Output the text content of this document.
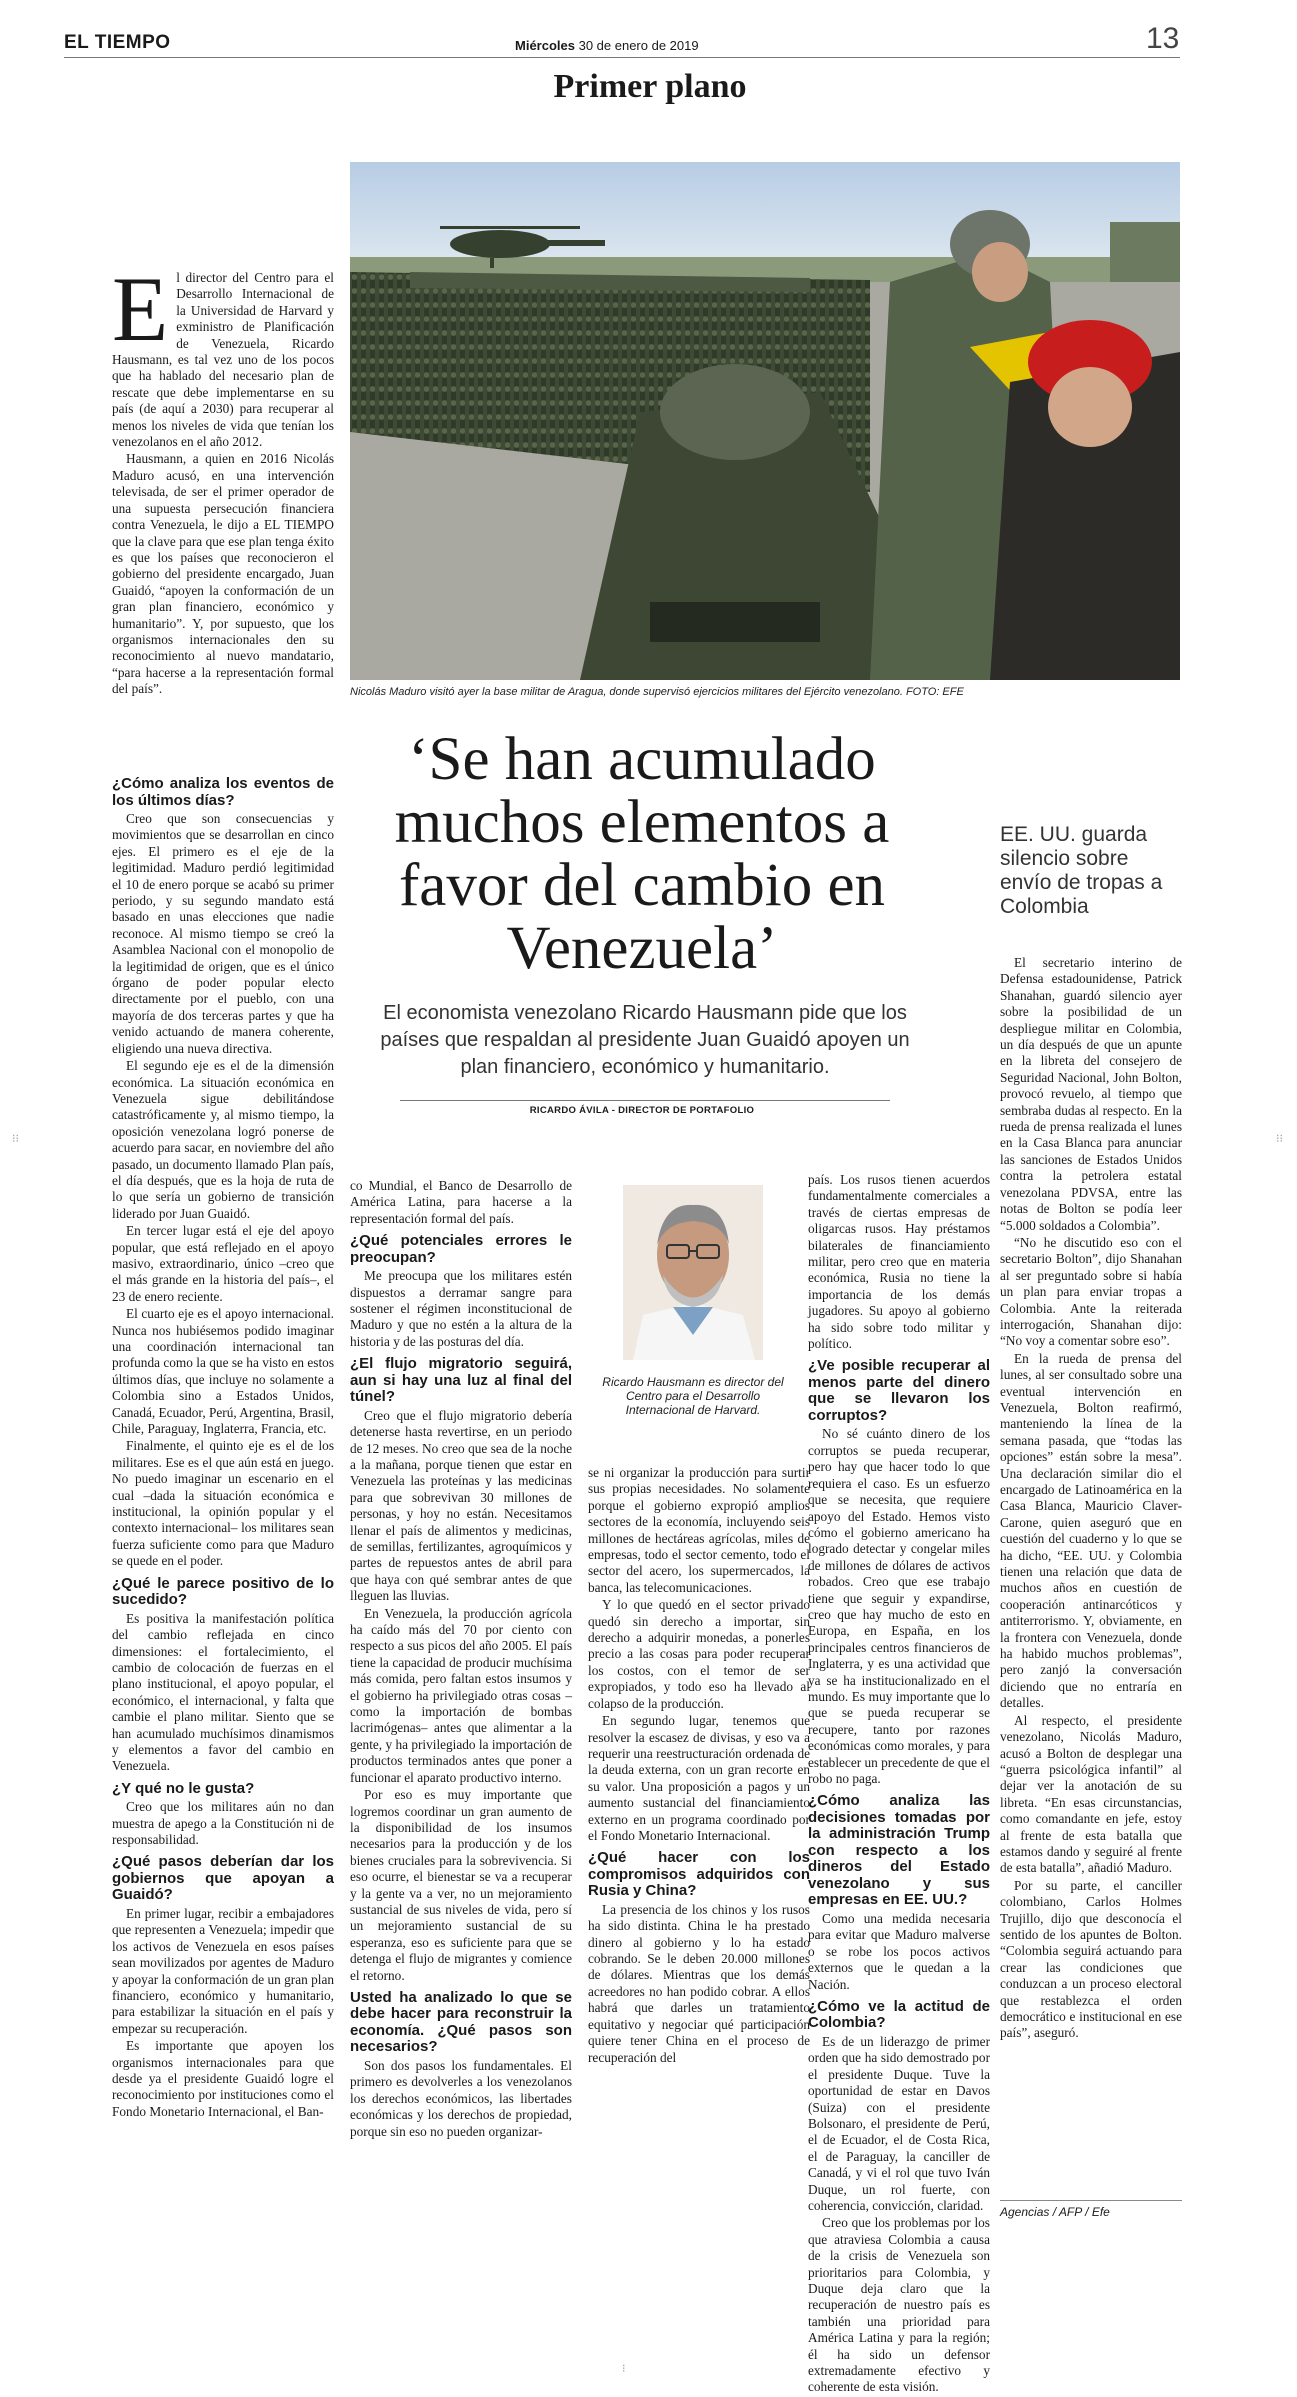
EL TIEMPO	Miércoles 30 de enero de 2019	13
Primer plano
Nicolás Maduro visitó ayer la base militar de Aragua, donde supervisó ejercicios militares del Ejército venezolano. FOTO: EFE
‘Se han acumulado muchos elementos a favor del cambio en Venezuela’
El economista venezolano Ricardo Hausmann pide que los países que respaldan al presidente Juan Guaidó apoyen un plan financiero, económico y humanitario.
RICARDO ÁVILA - DIRECTOR DE PORTAFOLIO
E l director del Centro para el Desarrollo Internacional de la Universidad de Harvard y exministro de Planificación de Venezuela, Ricardo Hausmann, es tal vez uno de los pocos que ha hablado del necesario plan de rescate que debe implementarse en su país (de aquí a 2030) para recuperar al menos los niveles de vida que tenían los venezolanos en el año 2012.

Hausmann, a quien en 2016 Nicolás Maduro acusó, en una intervención televisada, de ser el primer operador de una supuesta persecución financiera contra Venezuela, le dijo a EL TIEMPO que la clave para que ese plan tenga éxito es que los países que reconocieron el gobierno del presidente encargado, Juan Guaidó, “apoyen la conformación de un gran plan financiero, económico y humanitario”. Y, por supuesto, que los organismos internacionales den su reconocimiento al nuevo mandatario, “para hacerse a la representación formal del país”.

¿Cómo analiza los eventos de los últimos días?

Creo que son consecuencias y movimientos que se desarrollan en cinco ejes. El primero es el eje de la legitimidad. Maduro perdió legitimidad el 10 de enero porque se acabó su primer periodo, y su segundo mandato está basado en unas elecciones que nadie reconoce. Al mismo tiempo se creó la Asamblea Nacional con el monopolio de la legitimidad de origen, que es el único órgano de poder popular electo directamente por el pueblo, con una mayoría de dos terceras partes y que ha venido actuando de manera coherente, eligiendo una nueva directiva.

El segundo eje es el de la dimensión económica. La situación económica en Venezuela sigue debilitándose catastróficamente y, al mismo tiempo, la oposición venezolana logró ponerse de acuerdo para sacar, en noviembre del año pasado, un documento llamado Plan país, el día después, que es la hoja de ruta de lo que sería un gobierno de transición liderado por Juan Guaidó.

En tercer lugar está el eje del apoyo popular, que está reflejado en el apoyo masivo, extraordinario, único –creo que el más grande en la historia del país–, el 23 de enero reciente.

El cuarto eje es el apoyo internacional. Nunca nos hubiésemos podido imaginar una coordinación internacional tan profunda como la que se ha visto en estos últimos días, que incluye no solamente a Colombia sino a Estados Unidos, Canadá, Ecuador, Perú, Argentina, Brasil, Chile, Paraguay, Inglaterra, Francia, etc.

Finalmente, el quinto eje es el de los militares. Ese es el que aún está en juego. No puedo imaginar un escenario en el cual –dada la situación económica e institucional, la opinión popular y el contexto internacional– los militares sean fuerza suficiente como para que Maduro se quede en el poder.

¿Qué le parece positivo de lo sucedido?

Es positiva la manifestación política del cambio reflejada en cinco dimensiones: el fortalecimiento, el cambio de colocación de fuerzas en el plano institucional, el apoyo popular, el económico, el internacional, y falta que cambie el plano militar. Siento que se han acumulado muchísimos dinamismos y elementos a favor del cambio en Venezuela.

¿Y qué no le gusta?

Creo que los militares aún no dan muestra de apego a la Constitución ni de responsabilidad.

¿Qué pasos deberían dar los gobiernos que apoyan a Guaidó?

En primer lugar, recibir a embajadores que representen a Venezuela; impedir que los activos de Venezuela en esos países sean movilizados por agentes de Maduro y apoyar la conformación de un gran plan financiero, económico y humanitario, para estabilizar la situación en el país y empezar su recuperación.

Es importante que apoyen los organismos internacionales para que desde ya el presidente Guaidó logre el reconocimiento por instituciones como el Fondo Monetario Internacional, el Ban-

co Mundial, el Banco de Desarrollo de América Latina, para hacerse a la representación formal del país.

¿Qué potenciales errores le preocupan?

Me preocupa que los militares estén dispuestos a derramar sangre para sostener el régimen inconstitucional de Maduro y que no estén a la altura de la historia y de las posturas del día.

¿El flujo migratorio seguirá, aun si hay una luz al final del túnel?

Creo que el flujo migratorio debería detenerse hasta revertirse, en un periodo de 12 meses. No creo que sea de la noche a la mañana, porque tienen que estar en Venezuela las proteínas y las medicinas para que sobrevivan 30 millones de personas, y hoy no están. Necesitamos llenar el país de alimentos y medicinas, de semillas, fertilizantes, agroquímicos y partes de repuestos antes de abril para que haya con qué sembrar antes de que lleguen las lluvias.

En Venezuela, la producción agrícola ha caído más del 70 por ciento con respecto a sus picos del año 2005. El país tiene la capacidad de producir muchísima más comida, pero faltan estos insumos y el gobierno ha privilegiado otras cosas –como la importación de bombas lacrimógenas– antes que alimentar a la gente, y ha privilegiado la importación de productos terminados antes que poner a funcionar el aparato productivo interno.

Por eso es muy importante que logremos coordinar un gran aumento de la disponibilidad de los insumos necesarios para la producción y de los bienes cruciales para la sobrevivencia. Si eso ocurre, el bienestar se va a recuperar y la gente va a ver, no un mejoramiento sustancial de sus niveles de vida, pero sí un mejoramiento sustancial de su esperanza, eso es suficiente para que se detenga el flujo de migrantes y comience el retorno.

Usted ha analizado lo que se debe hacer para reconstruir la economía. ¿Qué pasos son necesarios?

Son dos pasos los fundamentales. El primero es devolverles a los venezolanos los derechos económicos, las libertades económicas y los derechos de propiedad, porque sin eso no pueden organizar-

Ricardo Hausmann es director del Centro para el Desarrollo Internacional de Harvard.

se ni organizar la producción para surtir sus propias necesidades. No solamente porque el gobierno expropió amplios sectores de la economía, incluyendo seis millones de hectáreas agrícolas, miles de empresas, todo el sector cemento, todo el sector del acero, los supermercados, la banca, las telecomunicaciones.

Y lo que quedó en el sector privado quedó sin derecho a importar, sin derecho a adquirir monedas, a ponerles precio a las cosas para poder recuperar los costos, con el temor de ser expropiados, y todo eso ha llevado al colapso de la producción.

En segundo lugar, tenemos que resolver la escasez de divisas, y eso va a requerir una reestructuración ordenada de la deuda externa, con un gran recorte en su valor. Una proposición a pagos y un aumento sustancial del financiamiento externo en un programa coordinado por el Fondo Monetario Internacional.

¿Qué hacer con los compromisos adquiridos con Rusia y China?

La presencia de los chinos y los rusos ha sido distinta. China le ha prestado dinero al gobierno y lo ha estado cobrando. Se le deben 20.000 millones de dólares. Mientras que los demás acreedores no han podido cobrar. A ellos habrá que darles un tratamiento equitativo y negociar qué participación quiere tener China en el proceso de recuperación del

país. Los rusos tienen acuerdos fundamentalmente comerciales a través de ciertas empresas de oligarcas rusos. Hay préstamos bilaterales de financiamiento militar, pero creo que en materia económica, Rusia no tiene la importancia de los demás jugadores. Su apoyo al gobierno ha sido sobre todo militar y político.

¿Ve posible recuperar al menos parte del dinero que se llevaron los corruptos?

No sé cuánto dinero de los corruptos se pueda recuperar, pero hay que hacer todo lo que requiera el caso. Es un esfuerzo que se necesita, que requiere apoyo del Estado. Hemos visto cómo el gobierno americano ha logrado detectar y congelar miles de millones de dólares de activos robados. Creo que ese trabajo tiene que seguir y expandirse, creo que hay mucho de esto en Europa, en España, en los principales centros financieros de Inglaterra, y es una actividad que ya se ha institucionalizado en el mundo. Es muy importante que lo que se pueda recuperar se recupere, tanto por razones económicas como morales, y para establecer un precedente de que el robo no paga.

¿Cómo analiza las decisiones tomadas por la administración Trump con respecto a los dineros del Estado venezolano y sus empresas en EE. UU.?

Como una medida necesaria para evitar que Maduro malverse o se robe los pocos activos externos que le quedan a la Nación.

¿Cómo ve la actitud de Colombia?

Es de un liderazgo de primer orden que ha sido demostrado por el presidente Duque. Tuve la oportunidad de estar en Davos (Suiza) con el presidente Bolsonaro, el presidente de Perú, el de Ecuador, el de Costa Rica, el de Paraguay, la canciller de Canadá, y vi el rol que tuvo Iván Duque, un rol fuerte, con coherencia, convicción, claridad.

Creo que los problemas por los que atraviesa Colombia a causa de la crisis de Venezuela son prioritarios para Colombia, y Duque deja claro que la recuperación de nuestro país es también una prioridad para América Latina y para la región; él ha sido un defensor extremadamente efectivo y coherente de esta visión.

EE. UU. guarda silencio sobre envío de tropas a Colombia

El secretario interino de Defensa estadounidense, Patrick Shanahan, guardó silencio ayer sobre la posibilidad de un despliegue militar en Colombia, un día después de que un apunte en la libreta del consejero de Seguridad Nacional, John Bolton, provocó revuelo, al tiempo que sembraba dudas al respecto. En la rueda de prensa realizada el lunes en la Casa Blanca para anunciar las sanciones de Estados Unidos contra la petrolera estatal venezolana PDVSA, entre las notas de Bolton se podía leer “5.000 soldados a Colombia”.

“No he discutido eso con el secretario Bolton”, dijo Shanahan al ser preguntado sobre si había un plan para enviar tropas a Colombia. Ante la reiterada interrogación, Shanahan dijo: “No voy a comentar sobre eso”.

En la rueda de prensa del lunes, al ser consultado sobre una eventual intervención en Venezuela, Bolton reafirmó, manteniendo la línea de la semana pasada, que “todas las opciones” están sobre la mesa”. Una declaración similar dio el encargado de Latinoamérica en la Casa Blanca, Mauricio Claver-Carone, quien aseguró que en cuestión del cuaderno y lo que se ha dicho, “EE. UU. y Colombia tienen una relación que data de muchos años en cuestión de cooperación antinarcóticos y antiterrorismo. Y, obviamente, en la frontera con Venezuela, donde ha habido muchos problemas”, pero zanjó la conversación diciendo que no entraría en detalles.

Al respecto, el presidente venezolano, Nicolás Maduro, acusó a Bolton de desplegar una “guerra psicológica infantil” al dejar ver la anotación de su libreta. “En esas circunstancias, como comandante en jefe, estoy al frente de esta batalla que estamos dando y seguiré al frente de esta batalla”, añadió Maduro.

Por su parte, el canciller colombiano, Carlos Holmes Trujillo, dijo que desconocía el sentido de los apuntes de Bolton. “Colombia seguirá actuando para crear las condiciones que conduzcan a un proceso electoral que restablezca el orden democrático e institucional en ese país”, aseguró.

Agencias / AFP / Efe
⁝⁝	⁝⁝
⁝
